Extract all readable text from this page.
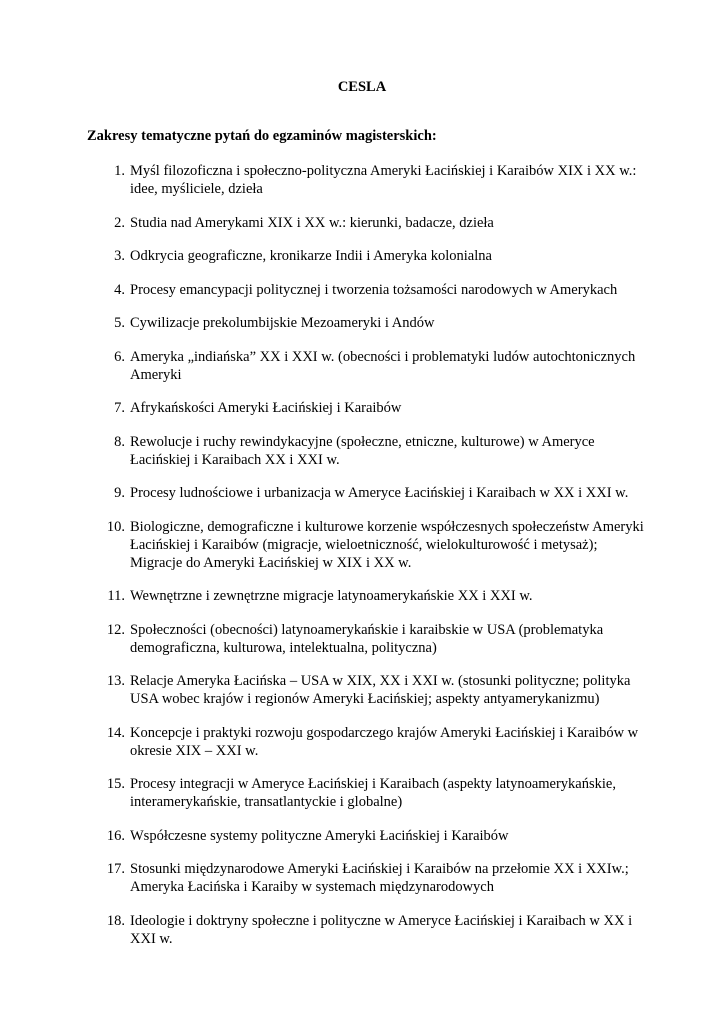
CESLA
Zakresy tematyczne pytań do egzaminów magisterskich:
1. Myśl filozoficzna i społeczno-polityczna Ameryki Łacińskiej i Karaibów XIX i XX w.: idee, myśliciele, dzieła
2. Studia nad Amerykami XIX i XX w.: kierunki, badacze, dzieła
3. Odkrycia geograficzne, kronikarze Indii i Ameryka kolonialna
4. Procesy emancypacji politycznej i tworzenia tożsamości narodowych w Amerykach
5. Cywilizacje prekolumbijskie Mezoameryki i Andów
6. Ameryka „indiańska” XX i XXI w. (obecności i problematyki ludów autochtonicznych Ameryki
7. Afrykańskości Ameryki Łacińskiej i Karaibów
8. Rewolucje i ruchy rewindykacyjne (społeczne, etniczne, kulturowe) w Ameryce Łacińskiej i Karaibach XX i XXI w.
9. Procesy ludnościowe i urbanizacja w Ameryce Łacińskiej i Karaibach w XX i XXI w.
10. Biologiczne, demograficzne i kulturowe korzenie współczesnych społeczeństw Ameryki Łacińskiej i Karaibów (migracje, wieloetniczność, wielokulturowość i metysaż); Migracje do Ameryki Łacińskiej w XIX i XX w.
11. Wewnętrzne i zewnętrzne migracje latynoamerykańskie XX i XXI w.
12. Społeczności (obecności) latynoamerykańskie i karaibskie w USA (problematyka demograficzna, kulturowa, intelektualna, polityczna)
13. Relacje Ameryka Łacińska – USA w XIX, XX i XXI w. (stosunki polityczne; polityka USA wobec krajów i regionów Ameryki Łacińskiej; aspekty antyamerykanizmu)
14. Koncepcje i praktyki rozwoju gospodarczego krajów Ameryki Łacińskiej i Karaibów w okresie XIX – XXI w.
15. Procesy integracji w Ameryce Łacińskiej i Karaibach (aspekty latynoamerykańskie, interamerykańskie, transatlantyckie i globalne)
16. Współczesne systemy polityczne Ameryki Łacińskiej i Karaibów
17. Stosunki międzynarodowe Ameryki Łacińskiej i Karaibów na przełomie XX i XXIw.; Ameryka Łacińska i Karaiby w systemach międzynarodowych
18. Ideologie i doktryny społeczne i polityczne w Ameryce Łacińskiej i Karaibach w XX i XXI w.
